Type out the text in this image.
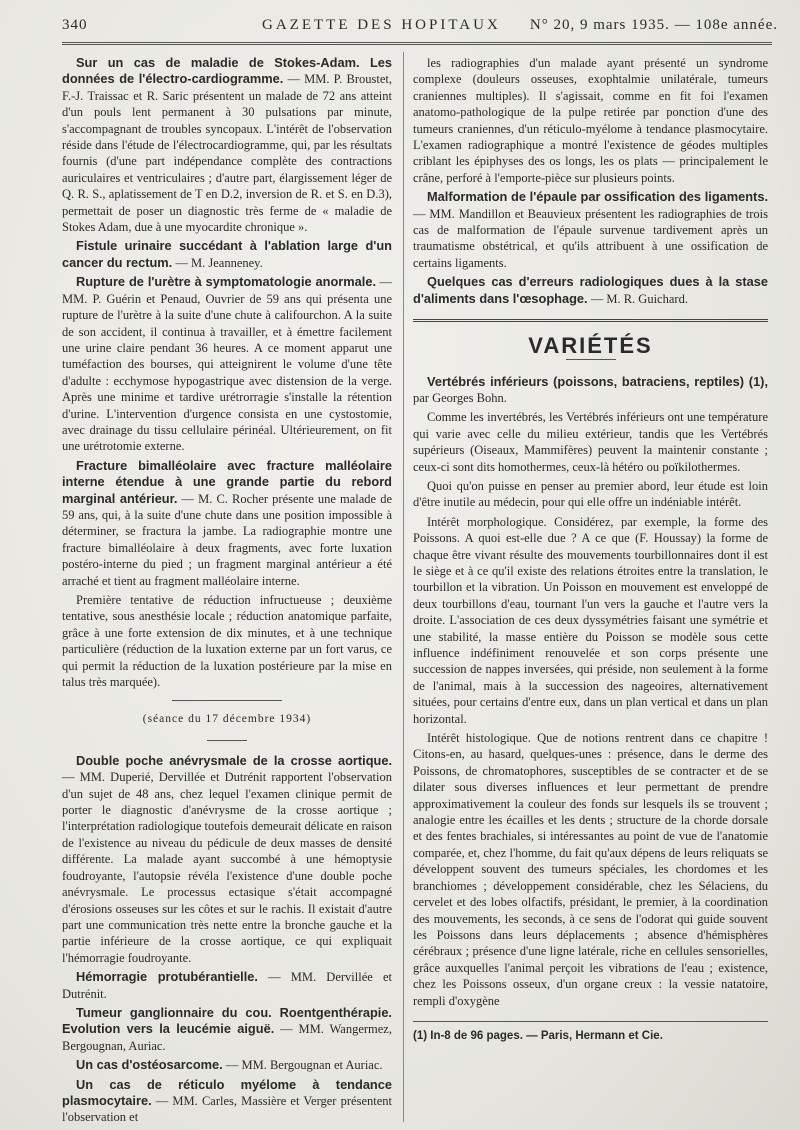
340	GAZETTE DES HOPITAUX N° 20, 9 mars 1935. — 108e année.

Sur un cas de maladie de Stokes-Adam. Les données de l'électro-cardiogramme. — MM. P. Broustet, F.-J. Traissac et R. Saric présentent un malade de 72 ans atteint d'un pouls lent permanent à 30 pulsations par minute, s'accompagnant de troubles syncopaux. L'intérêt de l'observation réside dans l'étude de l'électrocardiogramme, qui, par les résultats fournis (d'une part indépendance complète des contractions auriculaires et ventriculaires ; d'autre part, élargissement léger de Q. R. S., aplatissement de T en D.2, inversion de R. et S. en D.3), permettait de poser un diagnostic très ferme de « maladie de Stokes Adam, due à une myocardite chronique ».

Fistule urinaire succédant à l'ablation large d'un cancer du rectum. — M. Jeanneney.

Rupture de l'urètre à symptomatologie anormale. — MM. P. Guérin et Penaud, Ouvrier de 59 ans qui présenta une rupture de l'urètre à la suite d'une chute à califourchon. A la suite de son accident, il continua à travailler, et à émettre facilement une urine claire pendant 36 heures. A ce moment apparut une tuméfaction des bourses, qui atteignirent le volume d'une tête d'adulte : ecchymose hypogastrique avec distension de la verge. Après une minime et tardive urétrorragie s'installe la rétention d'urine. L'intervention d'urgence consista en une cystostomie, avec drainage du tissu cellulaire périnéal. Ultérieurement, on fit une urétrotomie externe.

Fracture bimalléolaire avec fracture malléolaire interne étendue à une grande partie du rebord marginal antérieur. — M. C. Rocher présente une malade de 59 ans, qui, à la suite d'une chute dans une position impossible à déterminer, se fractura la jambe. La radiographie montre une fracture bimalléolaire à deux fragments, avec forte luxation postéro-interne du pied ; un fragment marginal antérieur a été arraché et tient au fragment malléolaire interne.

Première tentative de réduction infructueuse ; deuxième tentative, sous anesthésie locale ; réduction anatomique parfaite, grâce à une forte extension de dix minutes, et à une technique particulière (réduction de la luxation externe par un fort varus, ce qui permit la réduction de la luxation postérieure par la mise en talus très marquée).

(séance du 17 décembre 1934)

Double poche anévrysmale de la crosse aortique. — MM. Duperié, Dervillée et Dutrénit rapportent l'observation d'un sujet de 48 ans, chez lequel l'examen clinique permit de porter le diagnostic d'anévrysme de la crosse aortique ; l'interprétation radiologique toutefois demeurait délicate en raison de l'existence au niveau du pédicule de deux masses de densité différente. La malade ayant succombé à une hémoptysie foudroyante, l'autopsie révéla l'existence d'une double poche anévrysmale. Le processus ectasique s'était accompagné d'érosions osseuses sur les côtes et sur le rachis. Il existait d'autre part une communication très nette entre la bronche gauche et la partie inférieure de la crosse aortique, ce qui expliquait l'hémorragie foudroyante.

Hémorragie protubérantielle. — MM. Dervillée et Dutrénit.

Tumeur ganglionnaire du cou. Roentgenthérapie. Evolution vers la leucémie aiguë. — MM. Wangermez, Bergougnan, Auriac.

Un cas d'ostéosarcome. — MM. Bergougnan et Auriac.

Un cas de réticulo myélome à tendance plasmocytaire. — MM. Carles, Massière et Verger présentent l'observation et

les radiographies d'un malade ayant présenté un syndrome complexe (douleurs osseuses, exophtalmie unilatérale, tumeurs craniennes multiples). Il s'agissait, comme en fit foi l'examen anatomo-pathologique de la pulpe retirée par ponction d'une des tumeurs craniennes, d'un réticulo-myélome à tendance plasmocytaire. L'examen radiographique a montré l'existence de géodes multiples criblant les épiphyses des os longs, les os plats — principalement le crâne, perforé à l'emporte-pièce sur plusieurs points.

Malformation de l'épaule par ossification des ligaments. — MM. Mandillon et Beauvieux présentent les radiographies de trois cas de malformation de l'épaule survenue tardivement après un traumatisme obstétrical, et qu'ils attribuent à une ossification de certains ligaments.

Quelques cas d'erreurs radiologiques dues à la stase d'aliments dans l'œsophage. — M. R. Guichard.

VARIÉTÉS

Vertébrés inférieurs (poissons, batraciens, reptiles) (1), par Georges Bohn.

Comme les invertébrés, les Vertébrés inférieurs ont une température qui varie avec celle du milieu extérieur, tandis que les Vertébrés supérieurs (Oiseaux, Mammifères) peuvent la maintenir constante ; ceux-ci sont dits homothermes, ceux-là hétéro ou poïkilothermes.

Quoi qu'on puisse en penser au premier abord, leur étude est loin d'être inutile au médecin, pour qui elle offre un indéniable intérêt.

Intérêt morphologique. Considérez, par exemple, la forme des Poissons. A quoi est-elle due ? A ce que (F. Houssay) la forme de chaque être vivant résulte des mouvements tourbillonnaires dont il est le siège et à ce qu'il existe des relations étroites entre la translation, le tourbillon et la vibration. Un Poisson en mouvement est enveloppé de deux tourbillons d'eau, tournant l'un vers la gauche et l'autre vers la droite. L'association de ces deux dyssymétries faisant une symétrie et une stabilité, la masse entière du Poisson se modèle sous cette influence indéfiniment renouvelée et son corps présente une succession de nappes inversées, qui préside, non seulement à la forme de l'animal, mais à la succession des nageoires, alternativement situées, pour certains d'entre eux, dans un plan vertical et dans un plan horizontal.

Intérêt histologique. Que de notions rentrent dans ce chapitre ! Citons-en, au hasard, quelques-unes : présence, dans le derme des Poissons, de chromatophores, susceptibles de se contracter et de se dilater sous diverses influences et leur permettant de prendre approximativement la couleur des fonds sur lesquels ils se trouvent ; analogie entre les écailles et les dents ; structure de la chorde dorsale et des fentes brachiales, si intéressantes au point de vue de l'anatomie comparée, et, chez l'homme, du fait qu'aux dépens de leurs reliquats se développent souvent des tumeurs spéciales, les chordomes et les branchiomes ; développement considérable, chez les Sélaciens, du cervelet et des lobes olfactifs, présidant, le premier, à la coordination des mouvements, les seconds, à ce sens de l'odorat qui guide souvent les Poissons dans leurs déplacements ; absence d'hémisphères cérébraux ; présence d'une ligne latérale, riche en cellules sensorielles, grâce auxquelles l'animal perçoit les vibrations de l'eau ; existence, chez les Poissons osseux, d'un organe creux : la vessie natatoire, rempli d'oxygène

(1) In-8 de 96 pages. — Paris, Hermann et Cie.
